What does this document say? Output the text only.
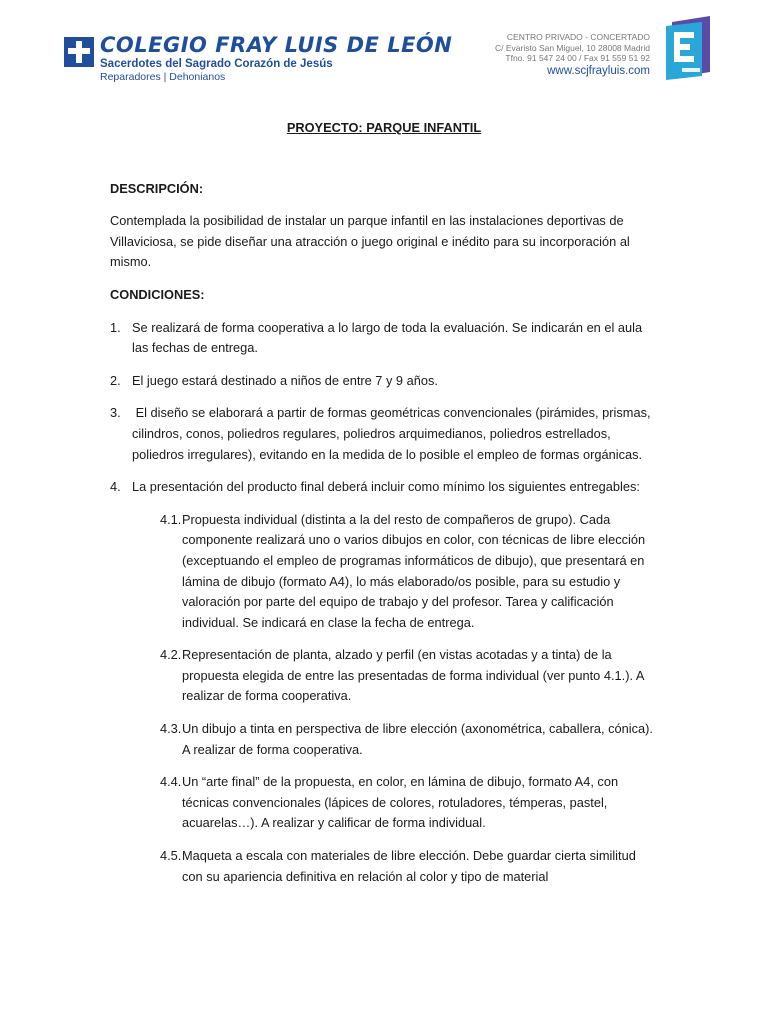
COLEGIO FRAY LUIS DE LEÓN
Sacerdotes del Sagrado Corazón de Jesús
Reparadores | Dehonianos
CENTRO PRIVADO - CONCERTADO
C/ Evaristo San Miguel, 10 28008 Madrid
Tfno. 91 547 24 00 / Fax 91 559 51 92
www.scjfrayluis.com

PROYECTO: PARQUE INFANTIL

DESCRIPCIÓN:

Contemplada la posibilidad de instalar un parque infantil en las instalaciones deportivas de Villaviciosa, se pide diseñar una atracción o juego original e inédito para su incorporación al mismo.

CONDICIONES:

1. Se realizará de forma cooperativa a lo largo de toda la evaluación. Se indicarán en el aula las fechas de entrega.
2. El juego estará destinado a niños de entre 7 y 9 años.
3. El diseño se elaborará a partir de formas geométricas convencionales (pirámides, prismas, cilindros, conos, poliedros regulares, poliedros arquimedianos, poliedros estrellados, poliedros irregulares), evitando en la medida de lo posible el empleo de formas orgánicas.
4. La presentación del producto final deberá incluir como mínimo los siguientes entregables:
4.1. Propuesta individual (distinta a la del resto de compañeros de grupo). Cada componente realizará uno o varios dibujos en color, con técnicas de libre elección (exceptuando el empleo de programas informáticos de dibujo), que presentará en lámina de dibujo (formato A4), lo más elaborado/os posible, para su estudio y valoración por parte del equipo de trabajo y del profesor. Tarea y calificación individual. Se indicará en clase la fecha de entrega.
4.2. Representación de planta, alzado y perfil (en vistas acotadas y a tinta) de la propuesta elegida de entre las presentadas de forma individual (ver punto 4.1.). A realizar de forma cooperativa.
4.3. Un dibujo a tinta en perspectiva de libre elección (axonométrica, caballera, cónica). A realizar de forma cooperativa.
4.4. Un “arte final” de la propuesta, en color, en lámina de dibujo, formato A4, con técnicas convencionales (lápices de colores, rotuladores, témperas, pastel, acuarelas…). A realizar y calificar de forma individual.
4.5. Maqueta a escala con materiales de libre elección. Debe guardar cierta similitud con su apariencia definitiva en relación al color y tipo de material
